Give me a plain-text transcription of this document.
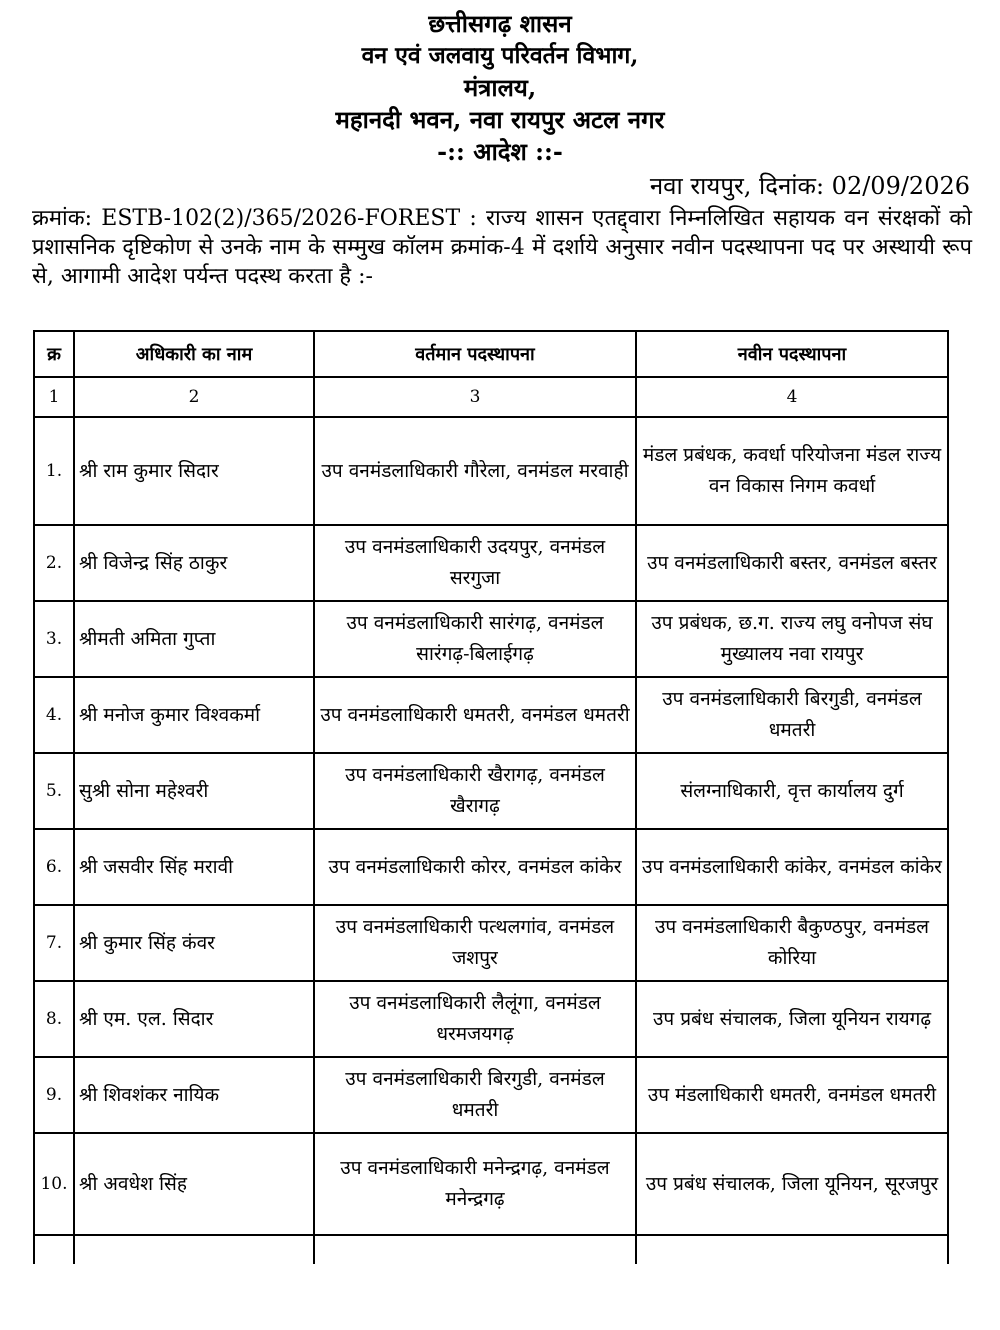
छत्तीसगढ़ शासन
वन एवं जलवायु परिवर्तन विभाग,
मंत्रालय,
महानदी भवन, नवा रायपुर अटल नगर
-:: आदेश ::-
नवा रायपुर, दिनांक: 02/09/2026
क्रमांक: ESTB-102(2)/365/2026-FOREST : राज्य शासन एतद्द्वारा निम्नलिखित सहायक वन संरक्षकों को प्रशासनिक दृष्टिकोण से उनके नाम के सम्मुख कॉलम क्रमांक-4 में दर्शाये अनुसार नवीन पदस्थापना पद पर अस्थायी रूप से, आगामी आदेश पर्यन्त पदस्थ करता है :-
क्र	अधिकारी का नाम	वर्तमान पदस्थापना	नवीन पदस्थापना
1	2	3	4
1.	श्री राम कुमार सिदार	उप वनमंडलाधिकारी गौरेला, वनमंडल मरवाही	मंडल प्रबंधक, कवर्धा परियोजना मंडल राज्य वन विकास निगम कवर्धा
2.	श्री विजेन्द्र सिंह ठाकुर	उप वनमंडलाधिकारी उदयपुर, वनमंडल सरगुजा	उप वनमंडलाधिकारी बस्तर, वनमंडल बस्तर
3.	श्रीमती अमिता गुप्ता	उप वनमंडलाधिकारी सारंगढ़, वनमंडल सारंगढ़-बिलाईगढ़	उप प्रबंधक, छ.ग. राज्य लघु वनोपज संघ मुख्यालय नवा रायपुर
4.	श्री मनोज कुमार विश्वकर्मा	उप वनमंडलाधिकारी धमतरी, वनमंडल धमतरी	उप वनमंडलाधिकारी बिरगुडी, वनमंडल धमतरी
5.	सुश्री सोना महेश्वरी	उप वनमंडलाधिकारी खैरागढ़, वनमंडल खैरागढ़	संलग्नाधिकारी, वृत्त कार्यालय दुर्ग
6.	श्री जसवीर सिंह मरावी	उप वनमंडलाधिकारी कोरर, वनमंडल कांकेर	उप वनमंडलाधिकारी कांकेर, वनमंडल कांकेर
7.	श्री कुमार सिंह कंवर	उप वनमंडलाधिकारी पत्थलगांव, वनमंडल जशपुर	उप वनमंडलाधिकारी बैकुण्ठपुर, वनमंडल कोरिया
8.	श्री एम. एल. सिदार	उप वनमंडलाधिकारी लैलूंगा, वनमंडल धरमजयगढ़	उप प्रबंध संचालक, जिला यूनियन रायगढ़
9.	श्री शिवशंकर नायिक	उप वनमंडलाधिकारी बिरगुडी, वनमंडल धमतरी	उप मंडलाधिकारी धमतरी, वनमंडल धमतरी
10.	श्री अवधेश सिंह	उप वनमंडलाधिकारी मनेन्द्रगढ़, वनमंडल मनेन्द्रगढ़	उप प्रबंध संचालक, जिला यूनियन, सूरजपुर
